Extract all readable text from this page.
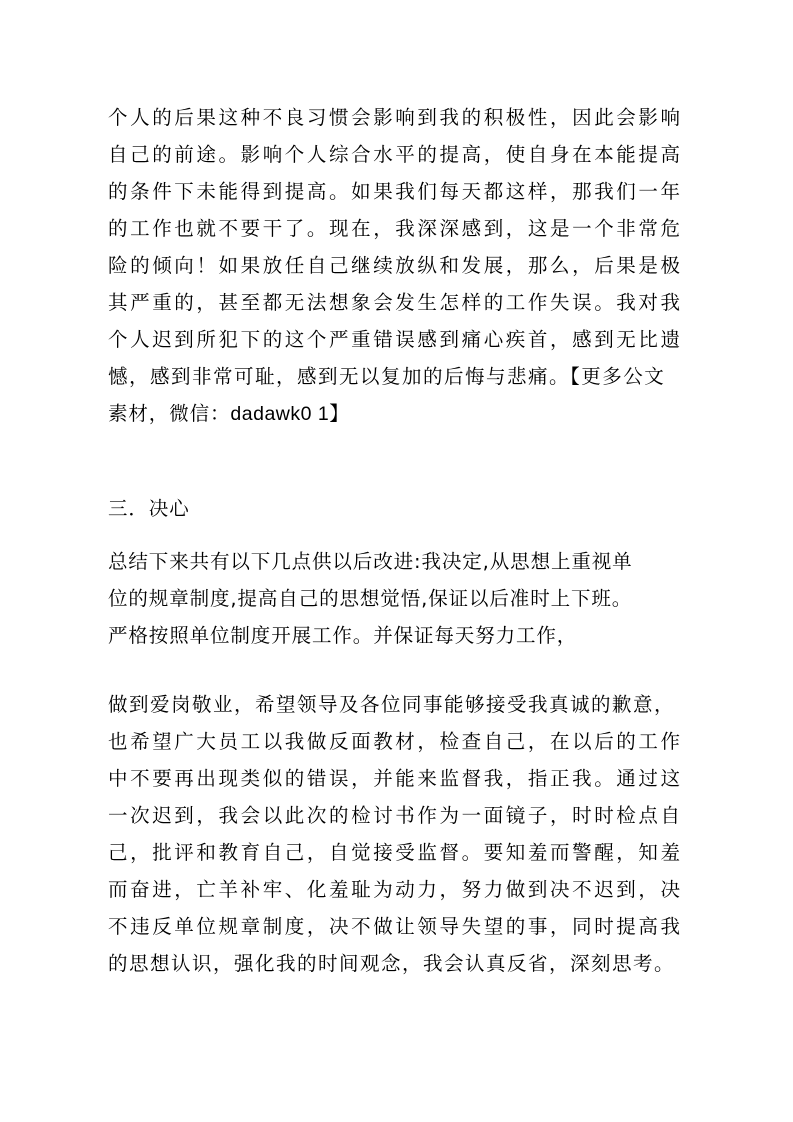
个人的后果这种不良习惯会影响到我的积极性，因此会影响
自己的前途。影响个人综合水平的提高，使自身在本能提高
的条件下未能得到提高。如果我们每天都这样，那我们一年
的工作也就不要干了。现在，我深深感到，这是一个非常危
险的倾向！如果放任自己继续放纵和发展，那么，后果是极
其严重的，甚至都无法想象会发生怎样的工作失误。我对我
个人迟到所犯下的这个严重错误感到痛心疾首，感到无比遗
憾，感到非常可耻，感到无以复加的后悔与悲痛。【更多公文
素材，微信：dadawk0 1】
三．决心
总结下来共有以下几点供以后改进:我决定,从思想上重视单
位的规章制度,提高自己的思想觉悟,保证以后准时上下班。
严格按照单位制度开展工作。并保证每天努力工作，
做到爱岗敬业，希望领导及各位同事能够接受我真诚的歉意，
也希望广大员工以我做反面教材，检查自己，在以后的工作
中不要再出现类似的错误，并能来监督我，指正我。通过这
一次迟到，我会以此次的检讨书作为一面镜子，时时检点自
己，批评和教育自己，自觉接受监督。要知羞而警醒，知羞
而奋进，亡羊补牢、化羞耻为动力，努力做到决不迟到，决
不违反单位规章制度，决不做让领导失望的事，同时提高我
的思想认识，强化我的时间观念，我会认真反省，深刻思考。
